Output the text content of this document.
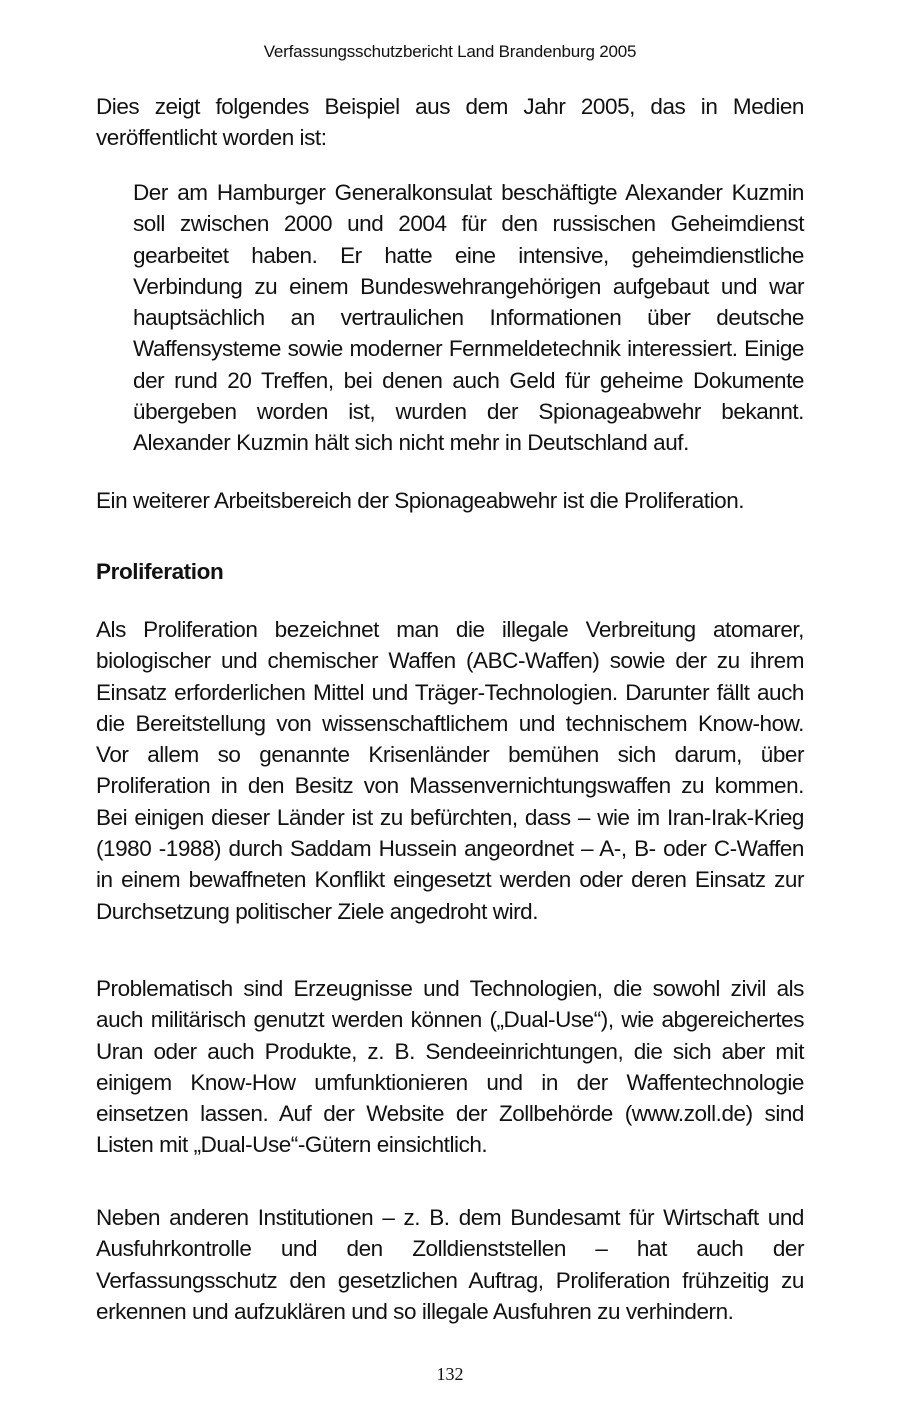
Verfassungsschutzbericht Land Brandenburg 2005

Dies zeigt folgendes Beispiel aus dem Jahr 2005, das in Medien veröffentlicht worden ist:

Der am Hamburger Generalkonsulat beschäftigte Alexander Kuzmin soll zwischen 2000 und 2004 für den russischen Geheimdienst gearbeitet haben. Er hatte eine intensive, geheimdienstliche Verbindung zu einem Bundeswehrangehörigen aufgebaut und war hauptsächlich an vertraulichen Informationen über deutsche Waffensysteme sowie moderner Fernmeldetechnik interessiert. Einige der rund 20 Treffen, bei denen auch Geld für geheime Dokumente übergeben worden ist, wurden der Spionageabwehr bekannt. Alexander Kuzmin hält sich nicht mehr in Deutschland auf.

Ein weiterer Arbeitsbereich der Spionageabwehr ist die Proliferation.

Proliferation

Als Proliferation bezeichnet man die illegale Verbreitung atomarer, biologischer und chemischer Waffen (ABC-Waffen) sowie der zu ihrem Einsatz erforderlichen Mittel und Träger-Technologien. Darunter fällt auch die Bereitstellung von wissenschaftlichem und technischem Know-how. Vor allem so genannte Krisenländer bemühen sich darum, über Proliferation in den Besitz von Massenvernichtungswaffen zu kommen. Bei einigen dieser Länder ist zu befürchten, dass – wie im Iran-Irak-Krieg (1980 -1988) durch Saddam Hussein angeordnet – A-, B- oder C-Waffen in einem bewaffneten Konflikt eingesetzt werden oder deren Einsatz zur Durchsetzung politischer Ziele angedroht wird.

Problematisch sind Erzeugnisse und Technologien, die sowohl zivil als auch militärisch genutzt werden können („Dual-Use“), wie abgereichertes Uran oder auch Produkte, z. B. Sendeeinrichtungen, die sich aber mit einigem Know-How umfunktionieren und in der Waffentechnologie einsetzen lassen. Auf der Website der Zollbehörde (www.zoll.de) sind Listen mit „Dual-Use“-Gütern einsichtlich.

Neben anderen Institutionen – z. B. dem Bundesamt für Wirtschaft und Ausfuhrkontrolle und den Zolldienststellen – hat auch der Verfassungsschutz den gesetzlichen Auftrag, Proliferation frühzeitig zu erkennen und aufzuklären und so illegale Ausfuhren zu verhindern.

132
